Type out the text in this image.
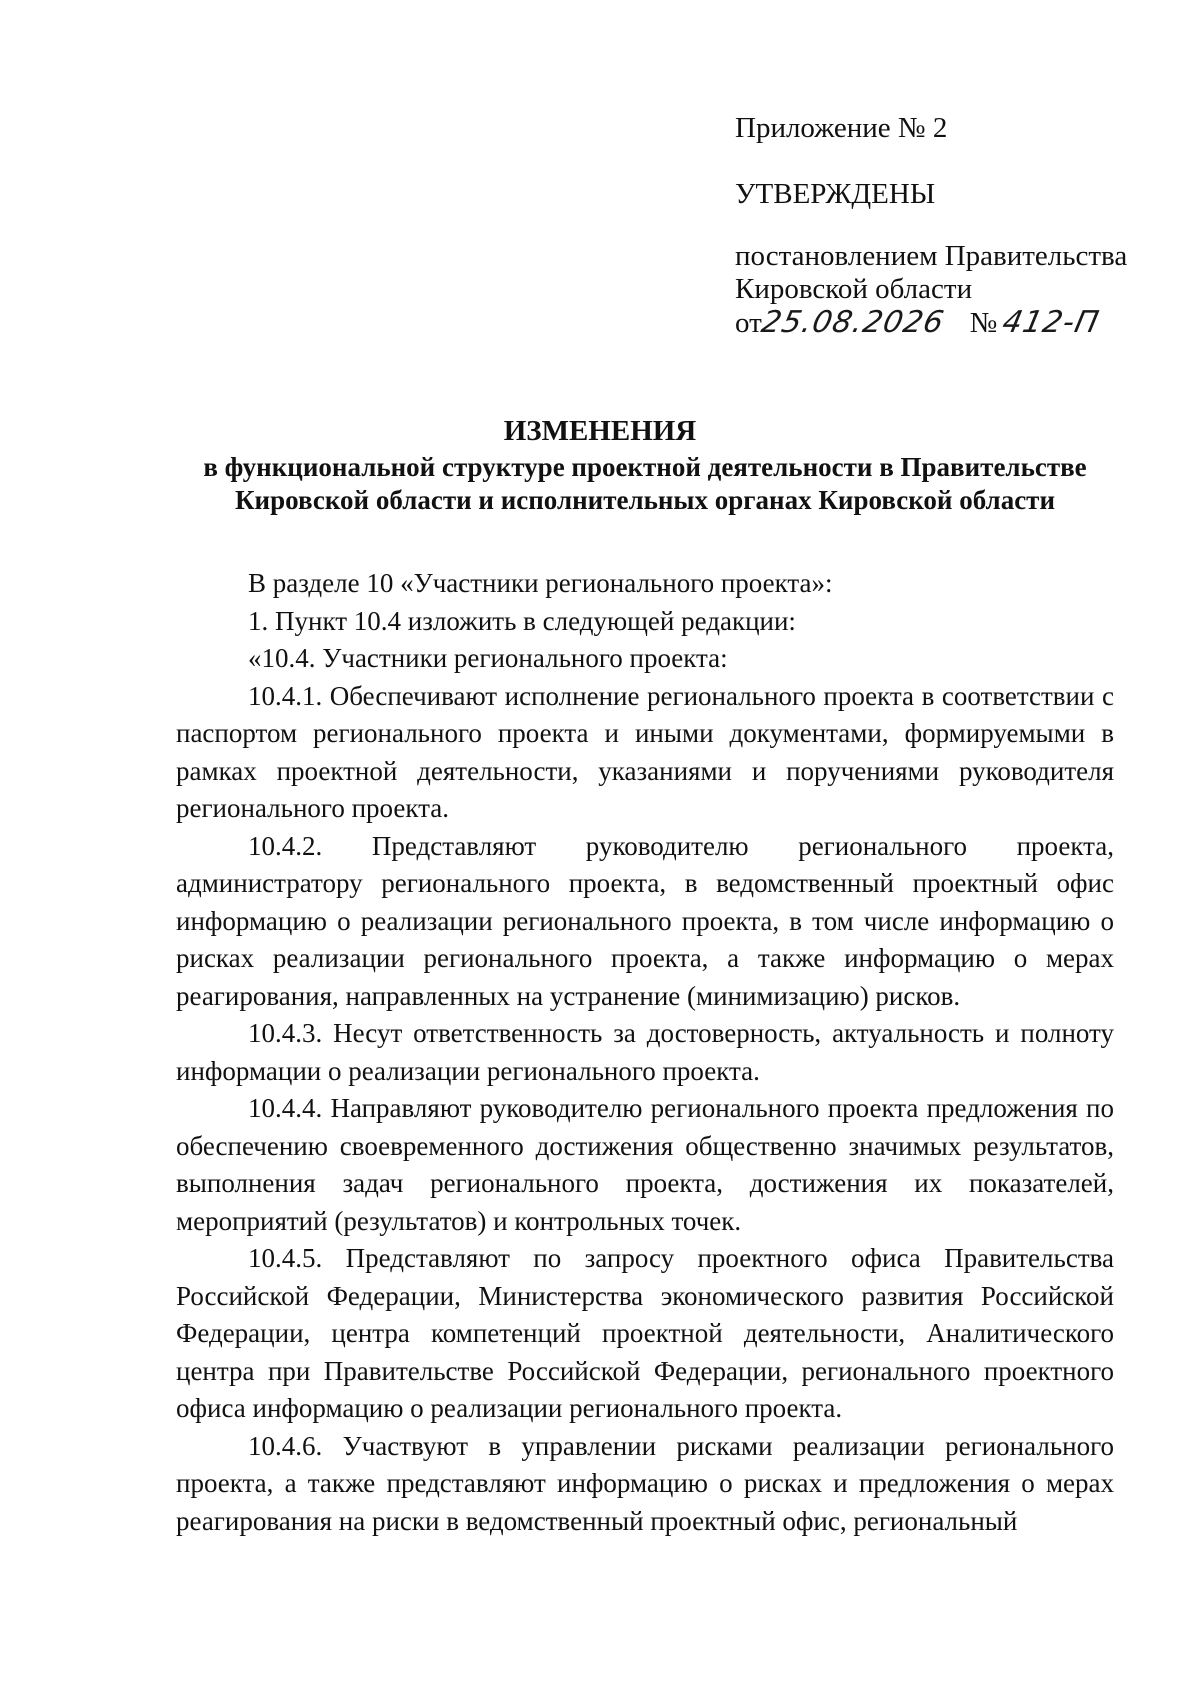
Приложение № 2
УТВЕРЖДЕНЫ
постановлением Правительства
Кировской области
от25.08.2026 №412-П
ИЗМЕНЕНИЯ
в функциональной структуре проектной деятельности в Правительстве Кировской области и исполнительных органах Кировской области

В разделе 10 «Участники регионального проекта»:

1. Пункт 10.4 изложить в следующей редакции:

«10.4. Участники регионального проекта:

10.4.1. Обеспечивают исполнение регионального проекта в соответствии с паспортом регионального проекта и иными документами, формируемыми в рамках проектной деятельности, указаниями и поручениями руководителя регионального проекта.

10.4.2. Представляют руководителю регионального проекта, администратору регионального проекта, в ведомственный проектный офис информацию о реализации регионального проекта, в том числе информацию о рисках реализации регионального проекта, а также информацию о мерах реагирования, направленных на устранение (минимизацию) рисков.

10.4.3. Несут ответственность за достоверность, актуальность и полноту информации о реализации регионального проекта.

10.4.4. Направляют руководителю регионального проекта предложения по обеспечению своевременного достижения общественно значимых результатов, выполнения задач регионального проекта, достижения их показателей, мероприятий (результатов) и контрольных точек.

10.4.5. Представляют по запросу проектного офиса Правительства Российской Федерации, Министерства экономического развития Российской Федерации, центра компетенций проектной деятельности, Аналитического центра при Правительстве Российской Федерации, регионального проектного офиса информацию о реализации регионального проекта.

10.4.6. Участвуют в управлении рисками реализации регионального проекта, а также представляют информацию о рисках и предложения о мерах реагирования на риски в ведомственный проектный офис, региональный
